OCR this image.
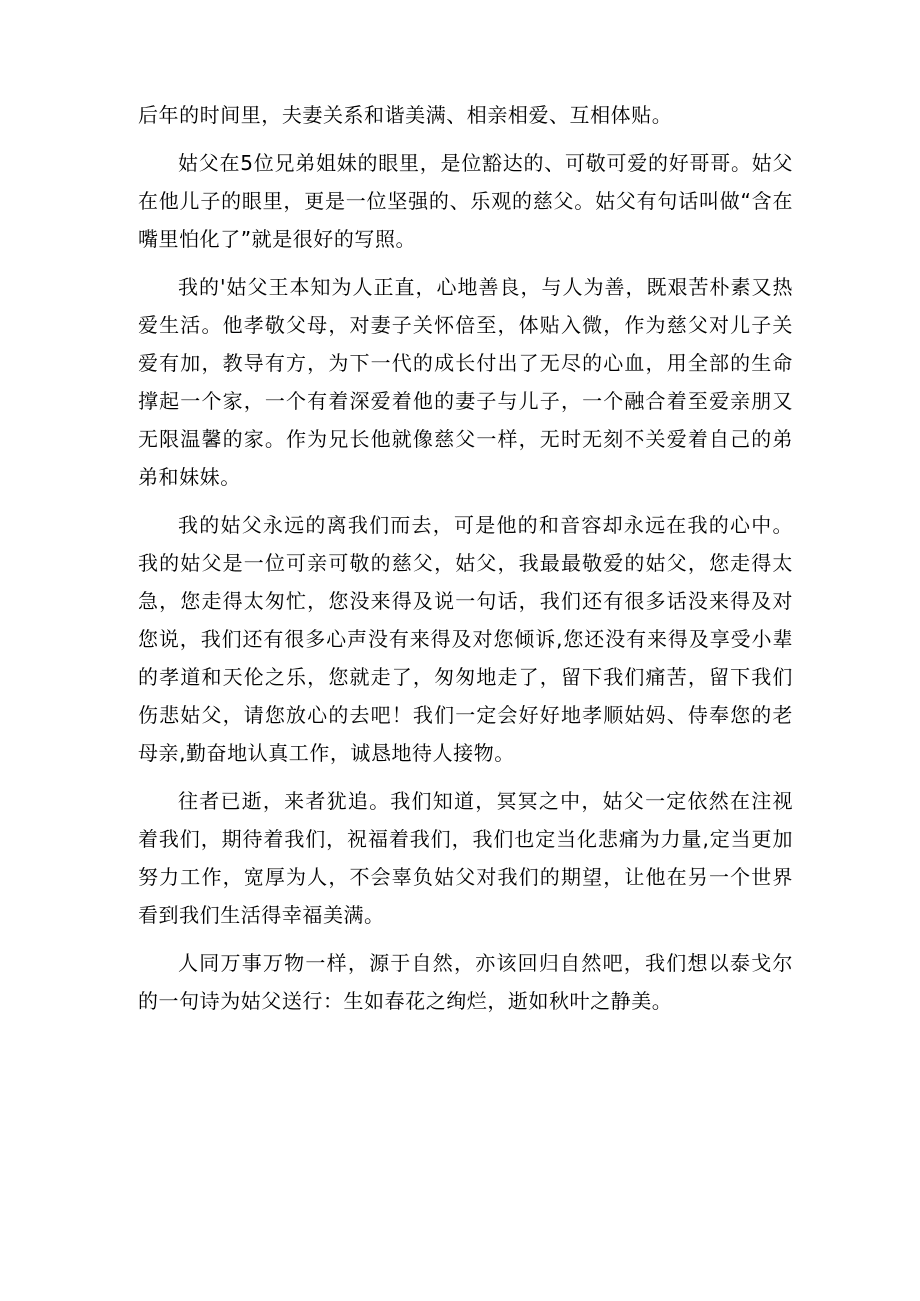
后年的时间里，夫妻关系和谐美满、相亲相爱、互相体贴。

姑父在5位兄弟姐妹的眼里，是位豁达的、可敬可爱的好哥哥。姑父在他儿子的眼里，更是一位坚强的、乐观的慈父。姑父有句话叫做“含在嘴里怕化了”就是很好的写照。

我的'姑父王本知为人正直，心地善良，与人为善，既艰苦朴素又热爱生活。他孝敬父母，对妻子关怀倍至，体贴入微，作为慈父对儿子关爱有加，教导有方，为下一代的成长付出了无尽的心血，用全部的生命撑起一个家，一个有着深爱着他的妻子与儿子，一个融合着至爱亲朋又无限温馨的家。作为兄长他就像慈父一样，无时无刻不关爱着自己的弟弟和妹妹。

我的姑父永远的离我们而去，可是他的和音容却永远在我的心中。我的姑父是一位可亲可敬的慈父，姑父，我最最敬爱的姑父，您走得太急，您走得太匆忙，您没来得及说一句话，我们还有很多话没来得及对您说，我们还有很多心声没有来得及对您倾诉,您还没有来得及享受小辈的孝道和天伦之乐，您就走了，匆匆地走了，留下我们痛苦，留下我们伤悲姑父，请您放心的去吧！我们一定会好好地孝顺姑妈、侍奉您的老母亲,勤奋地认真工作，诚恳地待人接物。

往者已逝，来者犹追。我们知道，冥冥之中，姑父一定依然在注视着我们，期待着我们，祝福着我们，我们也定当化悲痛为力量,定当更加努力工作，宽厚为人，不会辜负姑父对我们的期望，让他在另一个世界看到我们生活得幸福美满。

人同万事万物一样，源于自然，亦该回归自然吧，我们想以泰戈尔的一句诗为姑父送行：生如春花之绚烂，逝如秋叶之静美。
